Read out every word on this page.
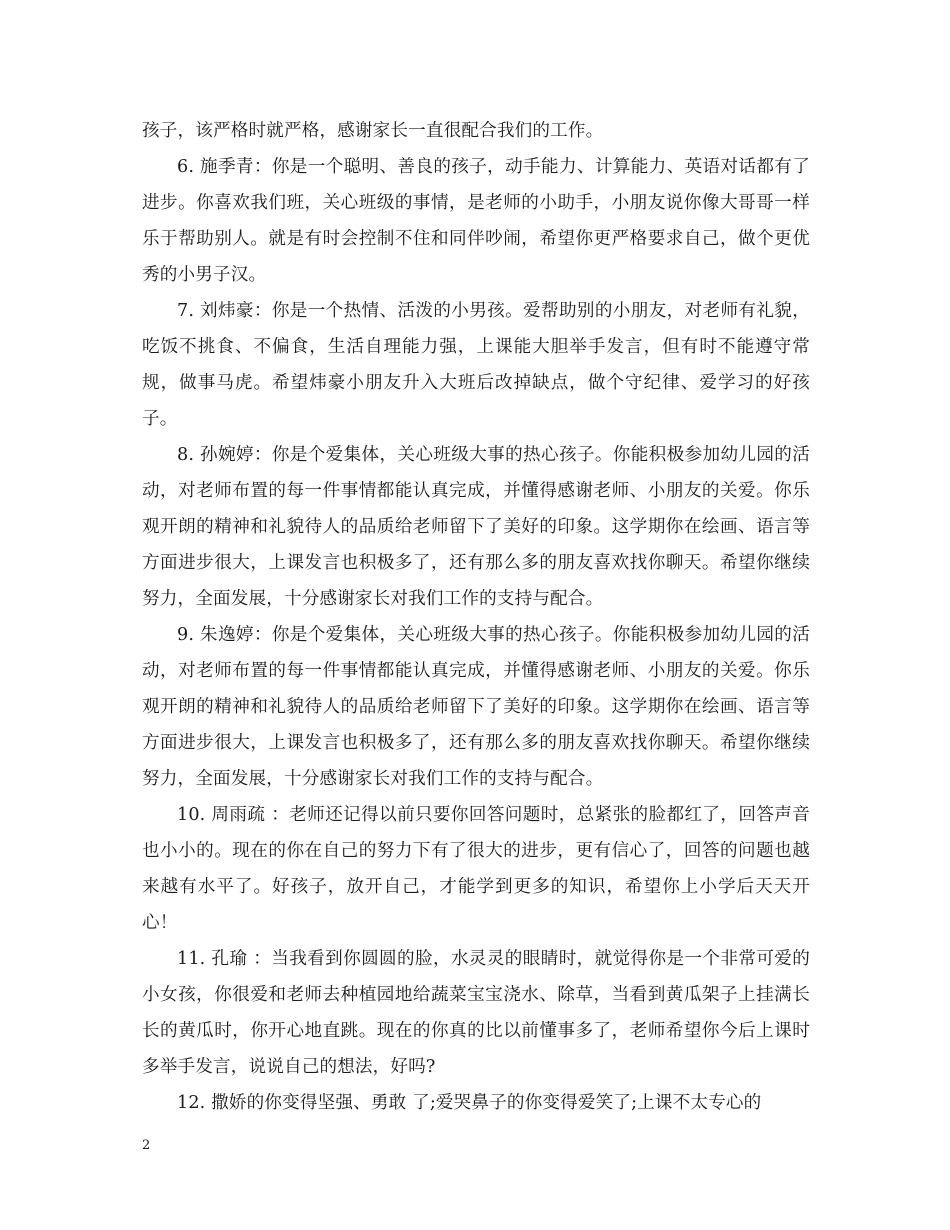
孩子，该严格时就严格，感谢家长一直很配合我们的工作。

6. 施季青：你是一个聪明、善良的孩子，动手能力、计算能力、英语对话都有了进步。你喜欢我们班，关心班级的事情，是老师的小助手，小朋友说你像大哥哥一样乐于帮助别人。就是有时会控制不住和同伴吵闹，希望你更严格要求自己，做个更优秀的小男子汉。

7. 刘炜豪：你是一个热情、活泼的小男孩。爱帮助别的小朋友，对老师有礼貌，吃饭不挑食、不偏食，生活自理能力强，上课能大胆举手发言，但有时不能遵守常规，做事马虎。希望炜豪小朋友升入大班后改掉缺点，做个守纪律、爱学习的好孩子。

8. 孙婉婷：你是个爱集体，关心班级大事的热心孩子。你能积极参加幼儿园的活动，对老师布置的每一件事情都能认真完成，并懂得感谢老师、小朋友的关爱。你乐观开朗的精神和礼貌待人的品质给老师留下了美好的印象。这学期你在绘画、语言等方面进步很大，上课发言也积极多了，还有那么多的朋友喜欢找你聊天。希望你继续努力，全面发展，十分感谢家长对我们工作的支持与配合。

9. 朱逸婷：你是个爱集体，关心班级大事的热心孩子。你能积极参加幼儿园的活动，对老师布置的每一件事情都能认真完成，并懂得感谢老师、小朋友的关爱。你乐观开朗的精神和礼貌待人的品质给老师留下了美好的印象。这学期你在绘画、语言等方面进步很大，上课发言也积极多了，还有那么多的朋友喜欢找你聊天。希望你继续努力，全面发展，十分感谢家长对我们工作的支持与配合。

10. 周雨疏 ：老师还记得以前只要你回答问题时，总紧张的脸都红了，回答声音也小小的。现在的你在自己的努力下有了很大的进步，更有信心了，回答的问题也越来越有水平了。好孩子，放开自己，才能学到更多的知识，希望你上小学后天天开心！

11. 孔瑜 ：当我看到你圆圆的脸，水灵灵的眼睛时，就觉得你是一个非常可爱的小女孩，你很爱和老师去种植园地给蔬菜宝宝浇水、除草，当看到黄瓜架子上挂满长长的黄瓜时，你开心地直跳。现在的你真的比以前懂事多了，老师希望你今后上课时多举手发言，说说自己的想法，好吗?

12. 撒娇的你变得坚强、勇敢 了;爱哭鼻子的你变得爱笑了;上课不太专心的

2
